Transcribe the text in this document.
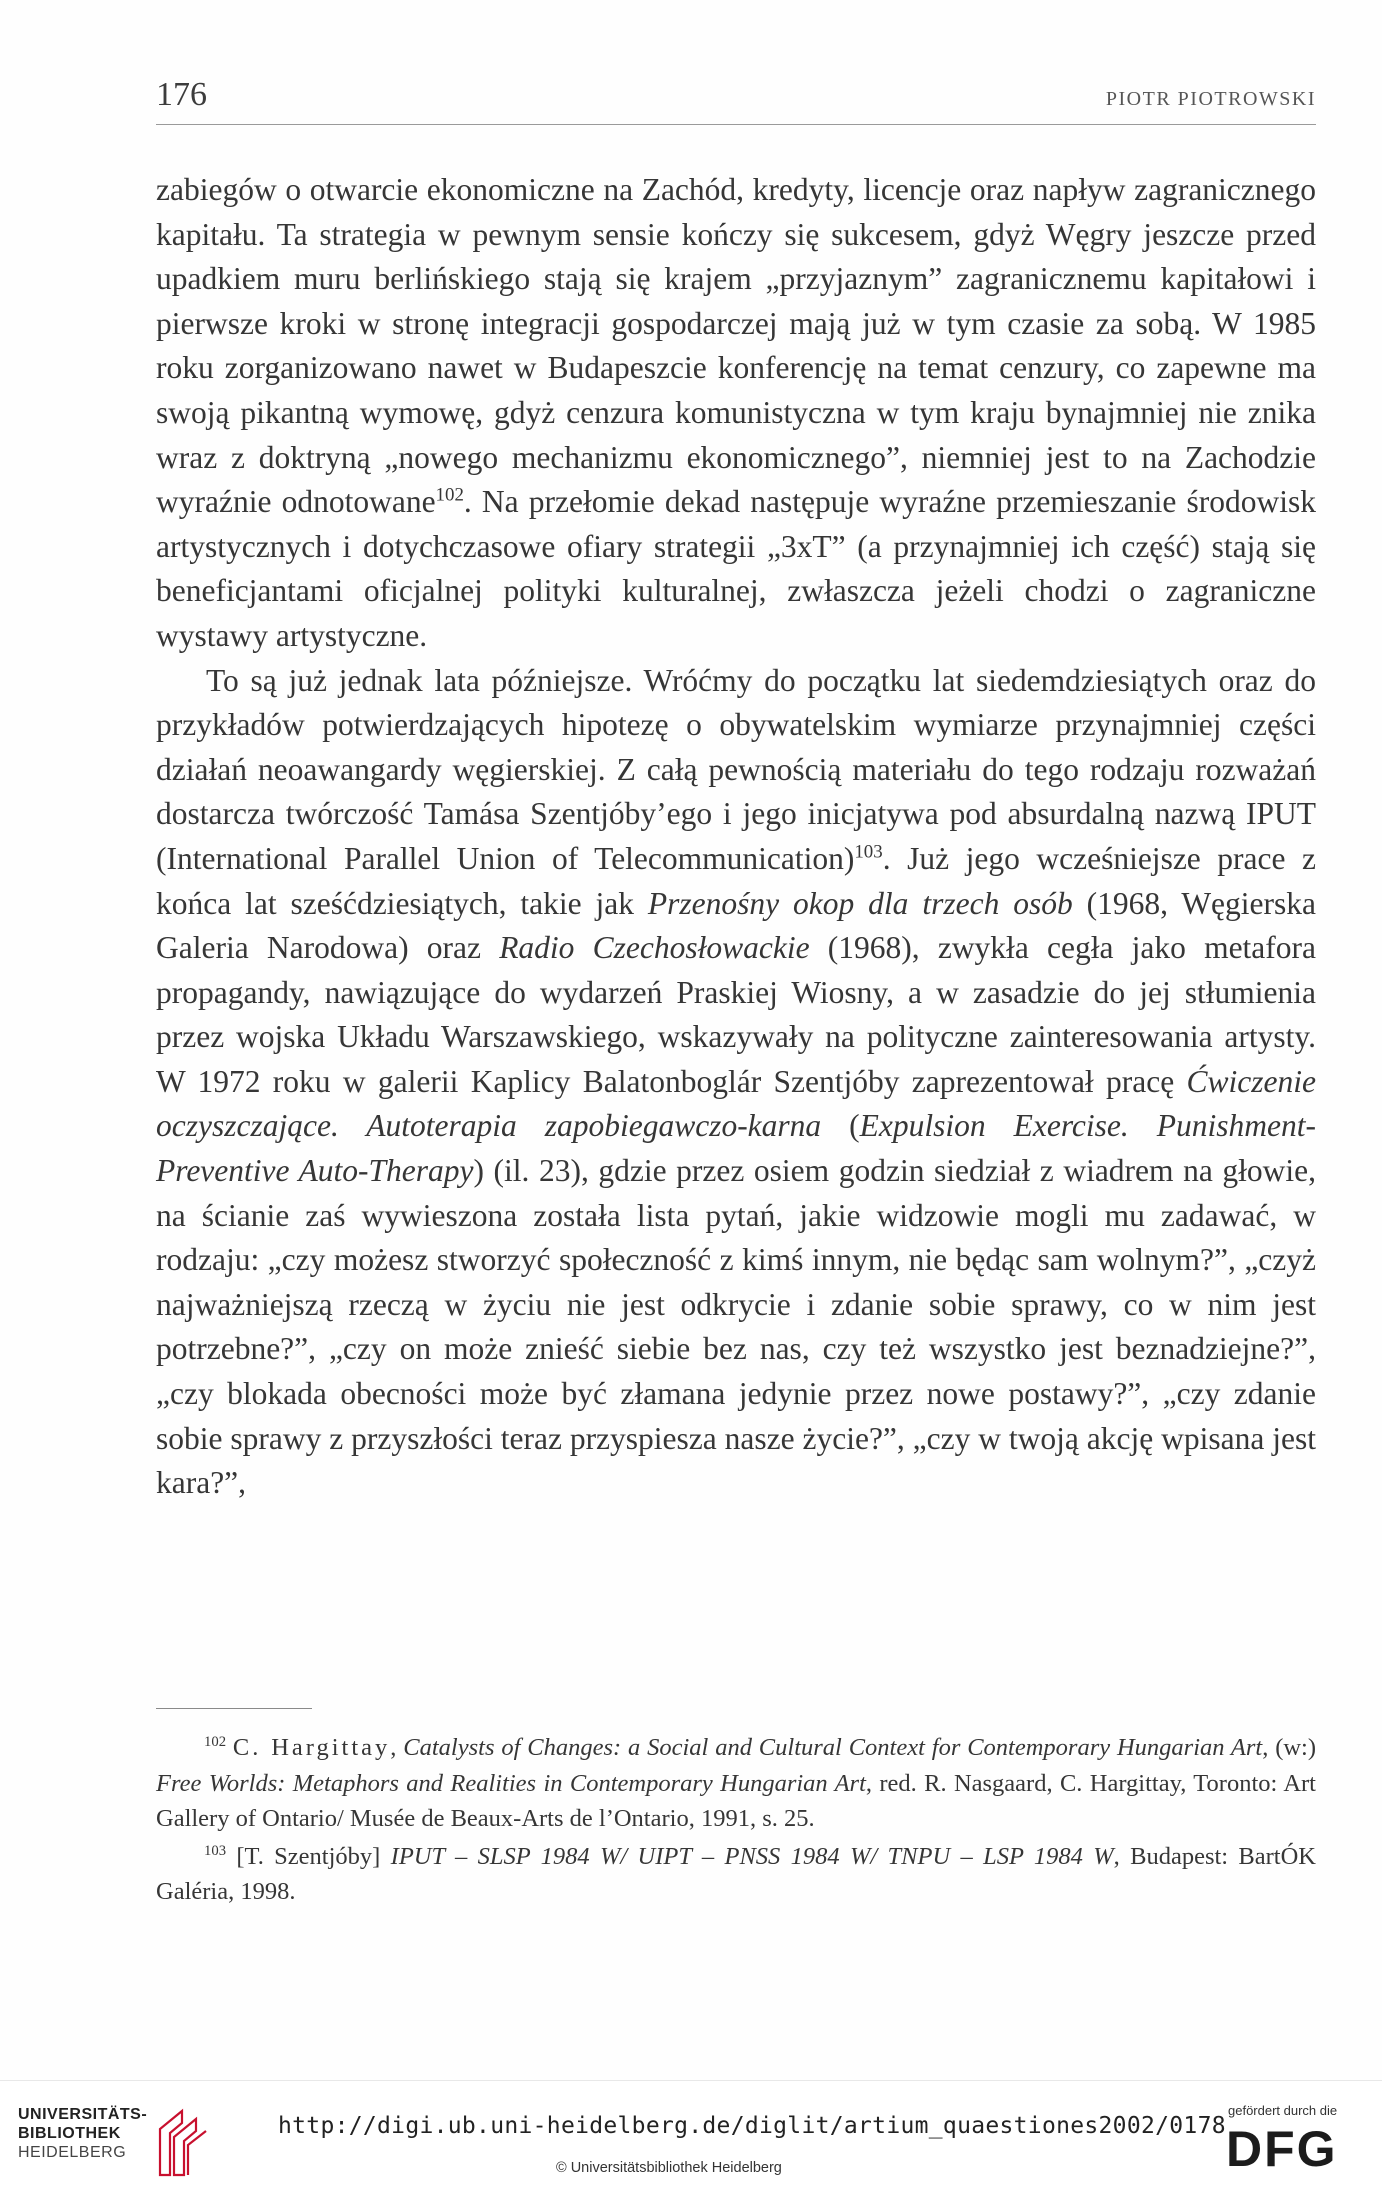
176	PIOTR PIOTROWSKI

zabiegów o otwarcie ekonomiczne na Zachód, kredyty, licencje oraz napływ zagranicznego kapitału. Ta strategia w pewnym sensie kończy się sukcesem, gdyż Węgry jeszcze przed upadkiem muru berlińskiego stają się krajem „przyjaznym” zagranicznemu kapitałowi i pierwsze kroki w stronę integracji gospodarczej mają już w tym czasie za sobą. W 1985 roku zorganizowano nawet w Budapeszcie konferencję na temat cenzury, co zapewne ma swoją pikantną wymowę, gdyż cenzura komunistyczna w tym kraju bynajmniej nie znika wraz z doktryną „nowego mechanizmu ekonomicznego”, niemniej jest to na Zachodzie wyraźnie odnotowane$^{102}$. Na przełomie dekad następuje wyraźne przemieszanie środowisk artystycznych i dotychczasowe ofiary strategii „3xT” (a przynajmniej ich część) stają się beneficjantami oficjalnej polityki kulturalnej, zwłaszcza jeżeli chodzi o zagraniczne wystawy artystyczne.

To są już jednak lata późniejsze. Wróćmy do początku lat siedemdziesiątych oraz do przykładów potwierdzających hipotezę o obywatelskim wymiarze przynajmniej części działań neoawangardy węgierskiej. Z całą pewnością materiału do tego rodzaju rozważań dostarcza twórczość Tamása Szentjóby’ego i jego inicjatywa pod absurdalną nazwą IPUT (International Parallel Union of Telecommunication)$^{103}$. Już jego wcześniejsze prace z końca lat sześćdziesiątych, takie jak Przenośny okop dla trzech osób (1968, Węgierska Galeria Narodowa) oraz Radio Czechosłowackie (1968), zwykła cegła jako metafora propagandy, nawiązujące do wydarzeń Praskiej Wiosny, a w zasadzie do jej stłumienia przez wojska Układu Warszawskiego, wskazywały na polityczne zainteresowania artysty. W 1972 roku w galerii Kaplicy Balatonboglár Szentjóby zaprezentował pracę Ćwiczenie oczyszczające. Autoterapia zapobiegawczo-karna (Expulsion Exercise. Punishment-Preventive Auto-Therapy) (il. 23), gdzie przez osiem godzin siedział z wiadrem na głowie, na ścianie zaś wywieszona została lista pytań, jakie widzowie mogli mu zadawać, w rodzaju: „czy możesz stworzyć społeczność z kimś innym, nie będąc sam wolnym?”, „czyż najważniejszą rzeczą w życiu nie jest odkrycie i zdanie sobie sprawy, co w nim jest potrzebne?”, „czy on może znieść siebie bez nas, czy też wszystko jest beznadziejne?”, „czy blokada obecności może być złamana jedynie przez nowe postawy?”, „czy zdanie sobie sprawy z przyszłości teraz przyspiesza nasze życie?”, „czy w twoją akcję wpisana jest kara?”,

$^{102}$ C. Hargittay, Catalysts of Changes: a Social and Cultural Context for Contemporary Hungarian Art, (w:) Free Worlds: Metaphors and Realities in Contemporary Hungarian Art, red. R. Nasgaard, C. Hargittay, Toronto: Art Gallery of Ontario/ Musée de Beaux-Arts de l’Ontario, 1991, s. 25.

$^{103}$ [T. Szentjóby] IPUT – SLSP 1984 W/ UIPT – PNSS 1984 W/ TNPU – LSP 1984 W, Budapest: BartÓK Galéria, 1998.

UNIVERSITÄTS-
BIBLIOTHEK
HEIDELBERG
http://digi.ub.uni-heidelberg.de/diglit/artium_quaestiones2002/0178
© Universitätsbibliothek Heidelberg
gefördert durch die
DFG
